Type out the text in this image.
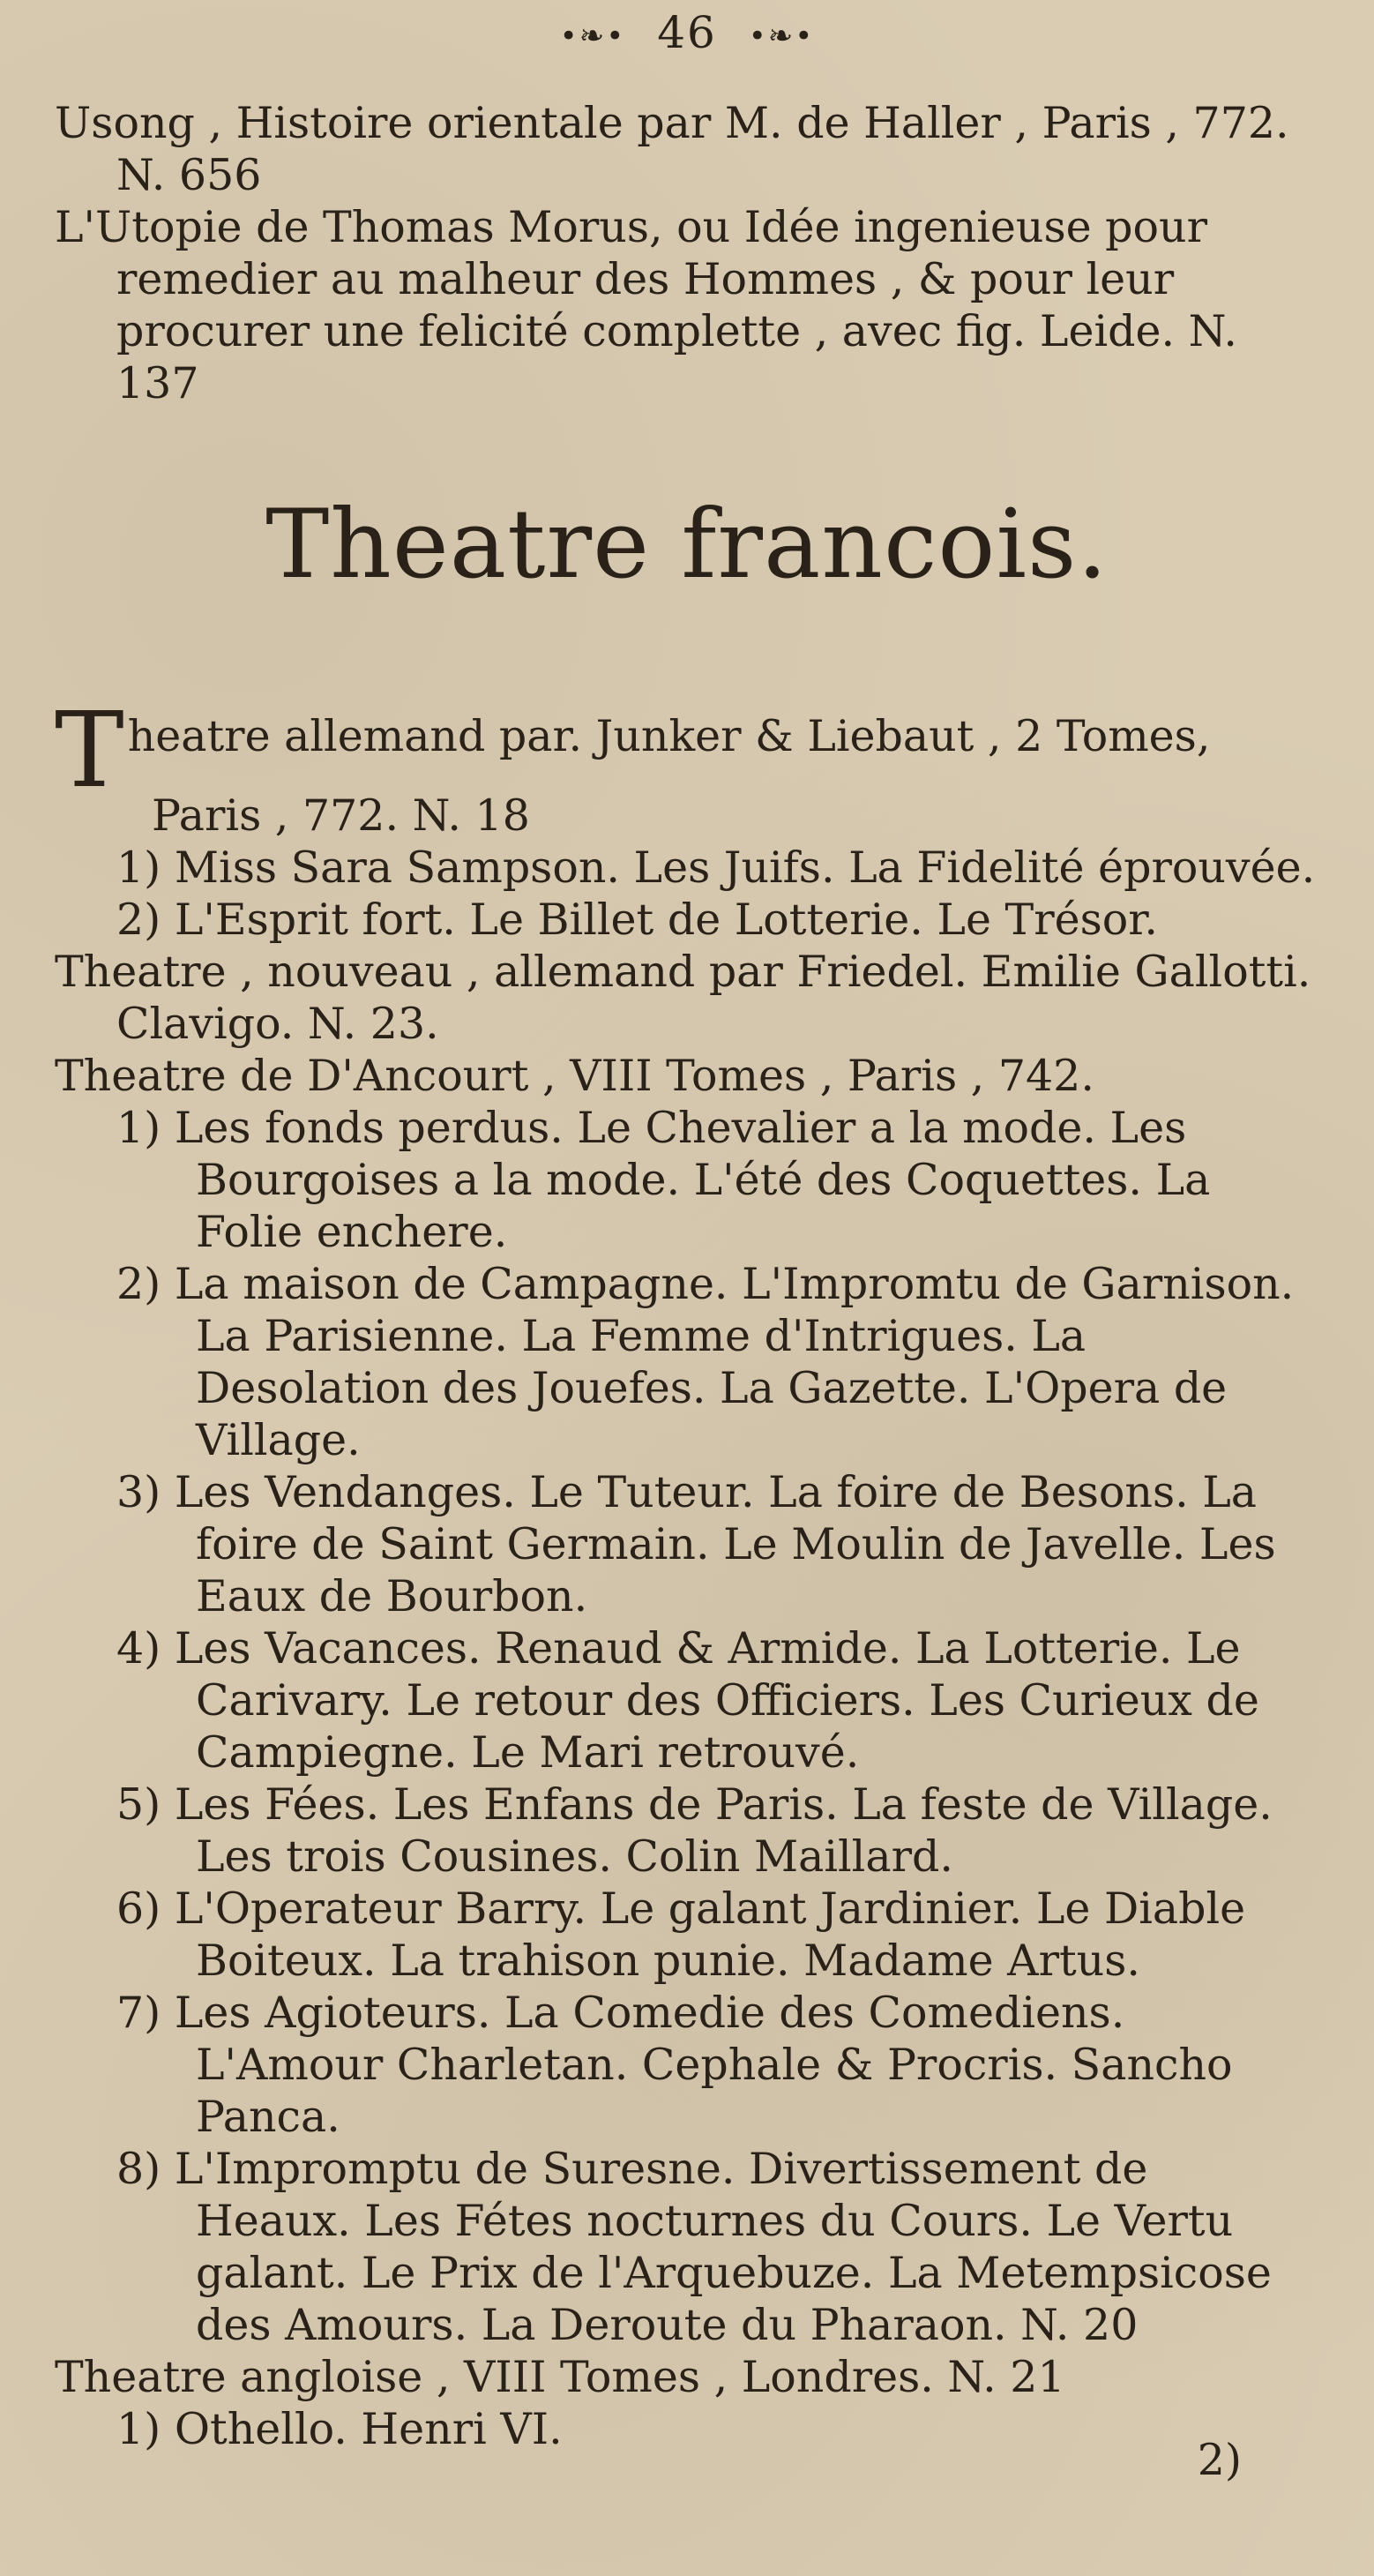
•❧• 46 •❧•

Usong , Histoire orientale par M. de Haller , Paris , 772. N. 656

L'Utopie de Thomas Morus, ou Idée ingenieuse pour remedier au malheur des Hommes , & pour leur procurer une felicité complette , avec fig. Leide. N. 137

Theatre francois.

Theatre allemand par. Junker & Liebaut , 2 Tomes, Paris , 772. N. 18

1) Miss Sara Sampson. Les Juifs. La Fidelité éprouvée.

2) L'Esprit fort. Le Billet de Lotterie. Le Trésor.

Theatre , nouveau , allemand par Friedel. Emilie Gallotti. Clavigo. N. 23.

Theatre de D'Ancourt , VIII Tomes , Paris , 742.

1) Les fonds perdus. Le Chevalier a la mode. Les Bourgoises a la mode. L'été des Coquettes. La Folie enchere.

2) La maison de Campagne. L'Impromtu de Garnison. La Parisienne. La Femme d'Intrigues. La Desolation des Jouefes. La Gazette. L'Opera de Village.

3) Les Vendanges. Le Tuteur. La foire de Besons. La foire de Saint Germain. Le Moulin de Javelle. Les Eaux de Bourbon.

4) Les Vacances. Renaud & Armide. La Lotterie. Le Carivary. Le retour des Officiers. Les Curieux de Campiegne. Le Mari retrouvé.

5) Les Fées. Les Enfans de Paris. La feste de Village. Les trois Cousines. Colin Maillard.

6) L'Operateur Barry. Le galant Jardinier. Le Diable Boiteux. La trahison punie. Madame Artus.

7) Les Agioteurs. La Comedie des Comediens. L'Amour Charletan. Cephale & Procris. Sancho Panca.

8) L'Impromptu de Suresne. Divertissement de Heaux. Les Fétes nocturnes du Cours. Le Vertu galant. Le Prix de l'Arquebuze. La Metempsicose des Amours. La Deroute du Pharaon. N. 20

Theatre angloise , VIII Tomes , Londres. N. 21

1) Othello. Henri VI.

2)
